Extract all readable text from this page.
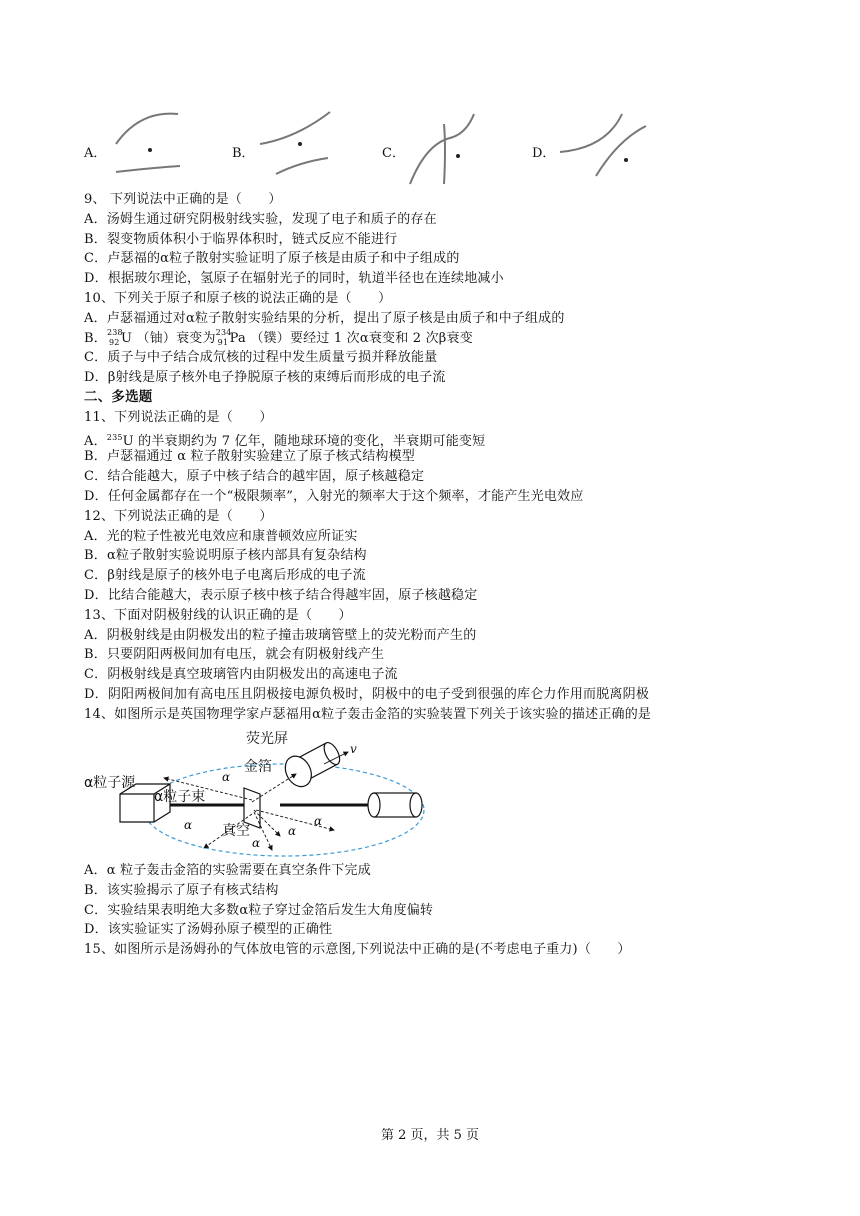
A．	B．	C．	D．
9、 下列说法中正确的是（　　）
A．汤姆生通过研究阴极射线实验，发现了电子和质子的存在
B．裂变物质体积小于临界体积时，链式反应不能进行
C．卢瑟福的α粒子散射实验证明了原子核是由质子和中子组成的
D．根据玻尔理论，氢原子在辐射光子的同时，轨道半径也在连续地减小
10、下列关于原子和原子核的说法正确的是（　　）
A．卢瑟福通过对α粒子散射实验结果的分析，提出了原子核是由质子和中子组成的
B． 238
92 U （铀）衰变为 234
91 Pa （镤）要经过 1 次α衰变和 2 次β衰变
C．质子与中子结合成氘核的过程中发生质量亏损并释放能量
D．β射线是原子核外电子挣脱原子核的束缚后而形成的电子流
二、多选题
11、下列说法正确的是（　　）
A．$^{235}$U 的半衰期约为 7 亿年，随地球环境的变化，半衰期可能变短
B．卢瑟福通过 α 粒子散射实验建立了原子核式结构模型
C．结合能越大，原子中核子结合的越牢固，原子核越稳定
D．任何金属都存在一个“极限频率”，入射光的频率大于这个频率，才能产生光电效应
12、下列说法正确的是（　　）
A．光的粒子性被光电效应和康普顿效应所证实
B．α粒子散射实验说明原子核内部具有复杂结构
C．β射线是原子的核外电子电离后形成的电子流
D．比结合能越大，表示原子核中核子结合得越牢固，原子核越稳定
13、下面对阴极射线的认识正确的是（　　）
A．阴极射线是由阴极发出的粒子撞击玻璃管壁上的荧光粉而产生的
B．只要阴阳两极间加有电压，就会有阴极射线产生
C．阴极射线是真空玻璃管内由阴极发出的高速电子流
D．阴阳两极间加有高电压且阴极接电源负极时，阴极中的电子受到很强的库仑力作用而脱离阴极
14、如图所示是英国物理学家卢瑟福用α粒子轰击金箔的实验装置下列关于该实验的描述正确的是
荧光屏
α粒子源
金箔
α粒子束
真空
α
α
α
α
α
v
A．α 粒子轰击金箔的实验需要在真空条件下完成
B．该实验揭示了原子有核式结构
C．实验结果表明绝大多数α粒子穿过金箔后发生大角度偏转
D．该实验证实了汤姆孙原子模型的正确性
15、如图所示是汤姆孙的气体放电管的示意图,下列说法中正确的是(不考虑电子重力)（　　）
第 2 页，共 5 页
